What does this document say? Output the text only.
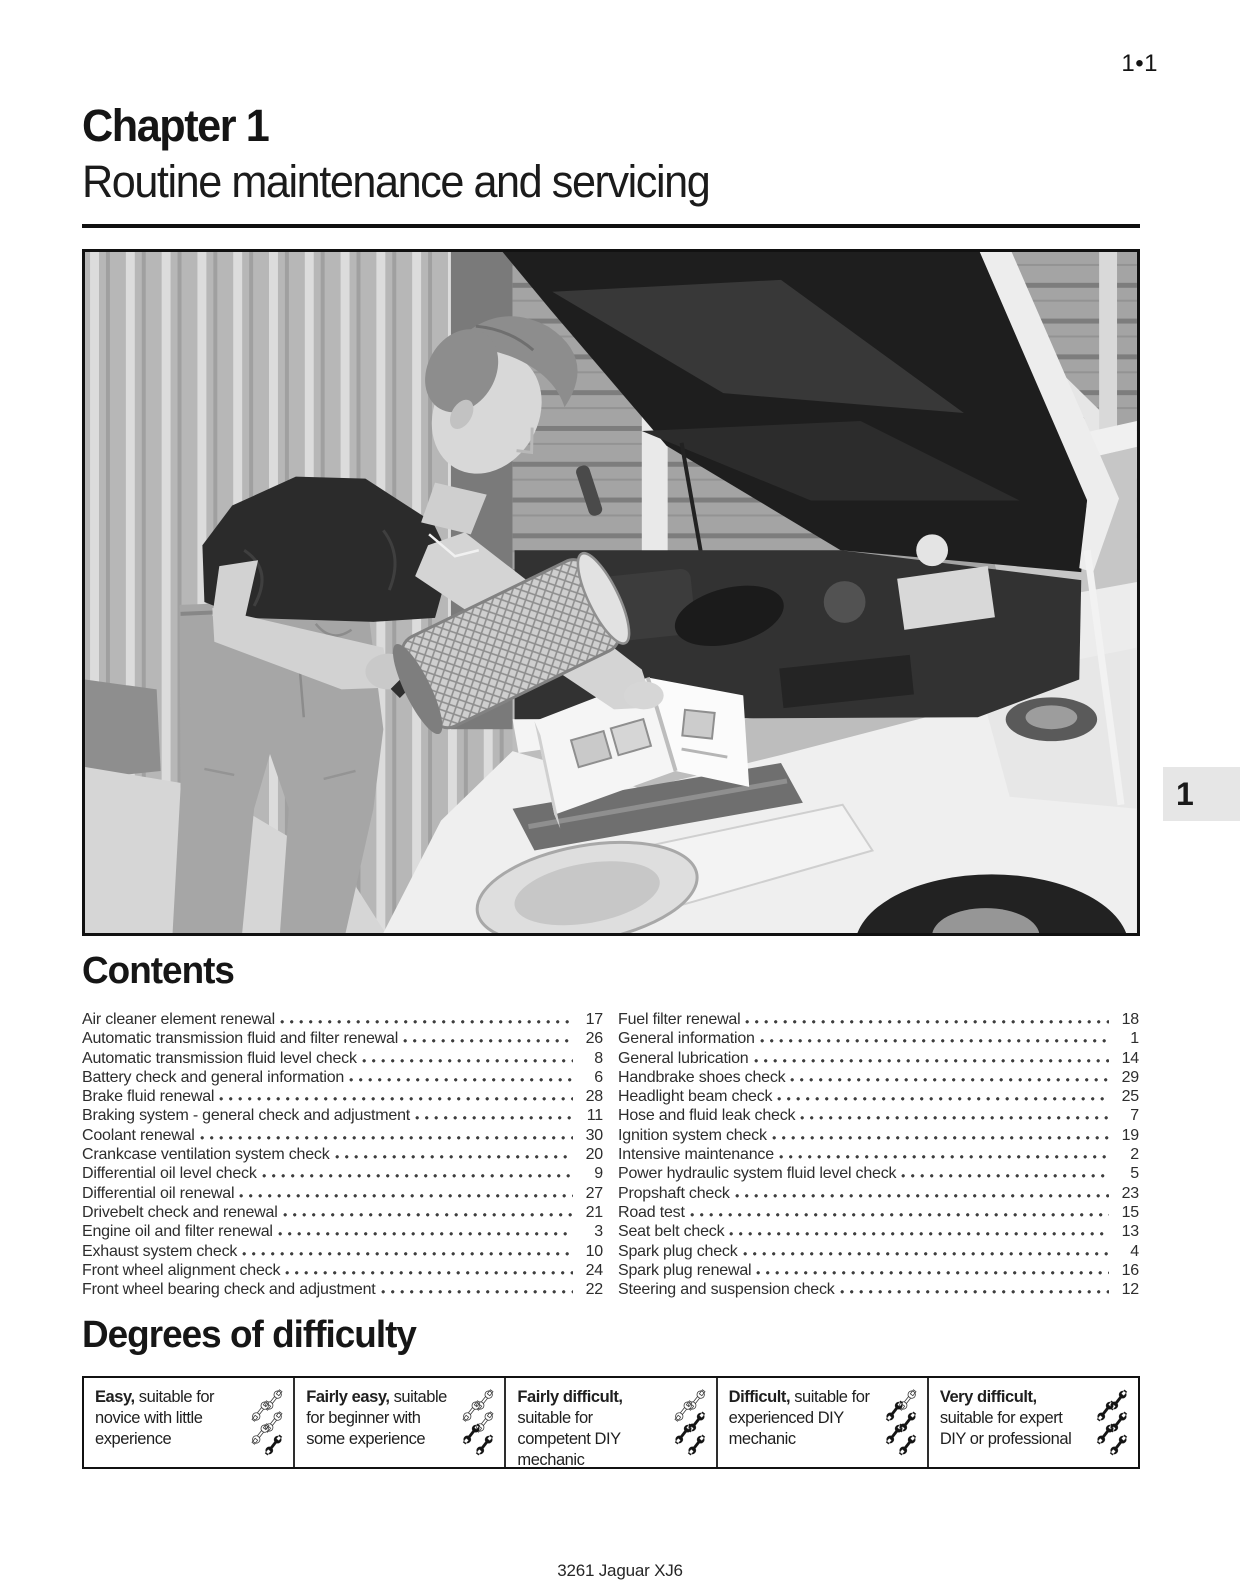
1•1
Chapter 1
Routine maintenance and servicing
1
Contents
Air cleaner element renewal	17
Automatic transmission fluid and filter renewal	26
Automatic transmission fluid level check	8
Battery check and general information	6
Brake fluid renewal	28
Braking system - general check and adjustment	11
Coolant renewal	30
Crankcase ventilation system check	20
Differential oil level check	9
Differential oil renewal	27
Drivebelt check and renewal	21
Engine oil and filter renewal	3
Exhaust system check	10
Front wheel alignment check	24
Front wheel bearing check and adjustment	22
Fuel filter renewal	18
General information	1
General lubrication	14
Handbrake shoes check	29
Headlight beam check	25
Hose and fluid leak check	7
Ignition system check	19
Intensive maintenance	2
Power hydraulic system fluid level check	5
Propshaft check	23
Road test	15
Seat belt check	13
Spark plug check	4
Spark plug renewal	16
Steering and suspension check	12
Degrees of difficulty
Easy, suitable for novice with little experience
Fairly easy, suitable for beginner with some experience
Fairly difficult, suitable for competent DIY mechanic
Difficult, suitable for experienced DIY mechanic
Very difficult, suitable for expert DIY or professional
3261 Jaguar XJ6
